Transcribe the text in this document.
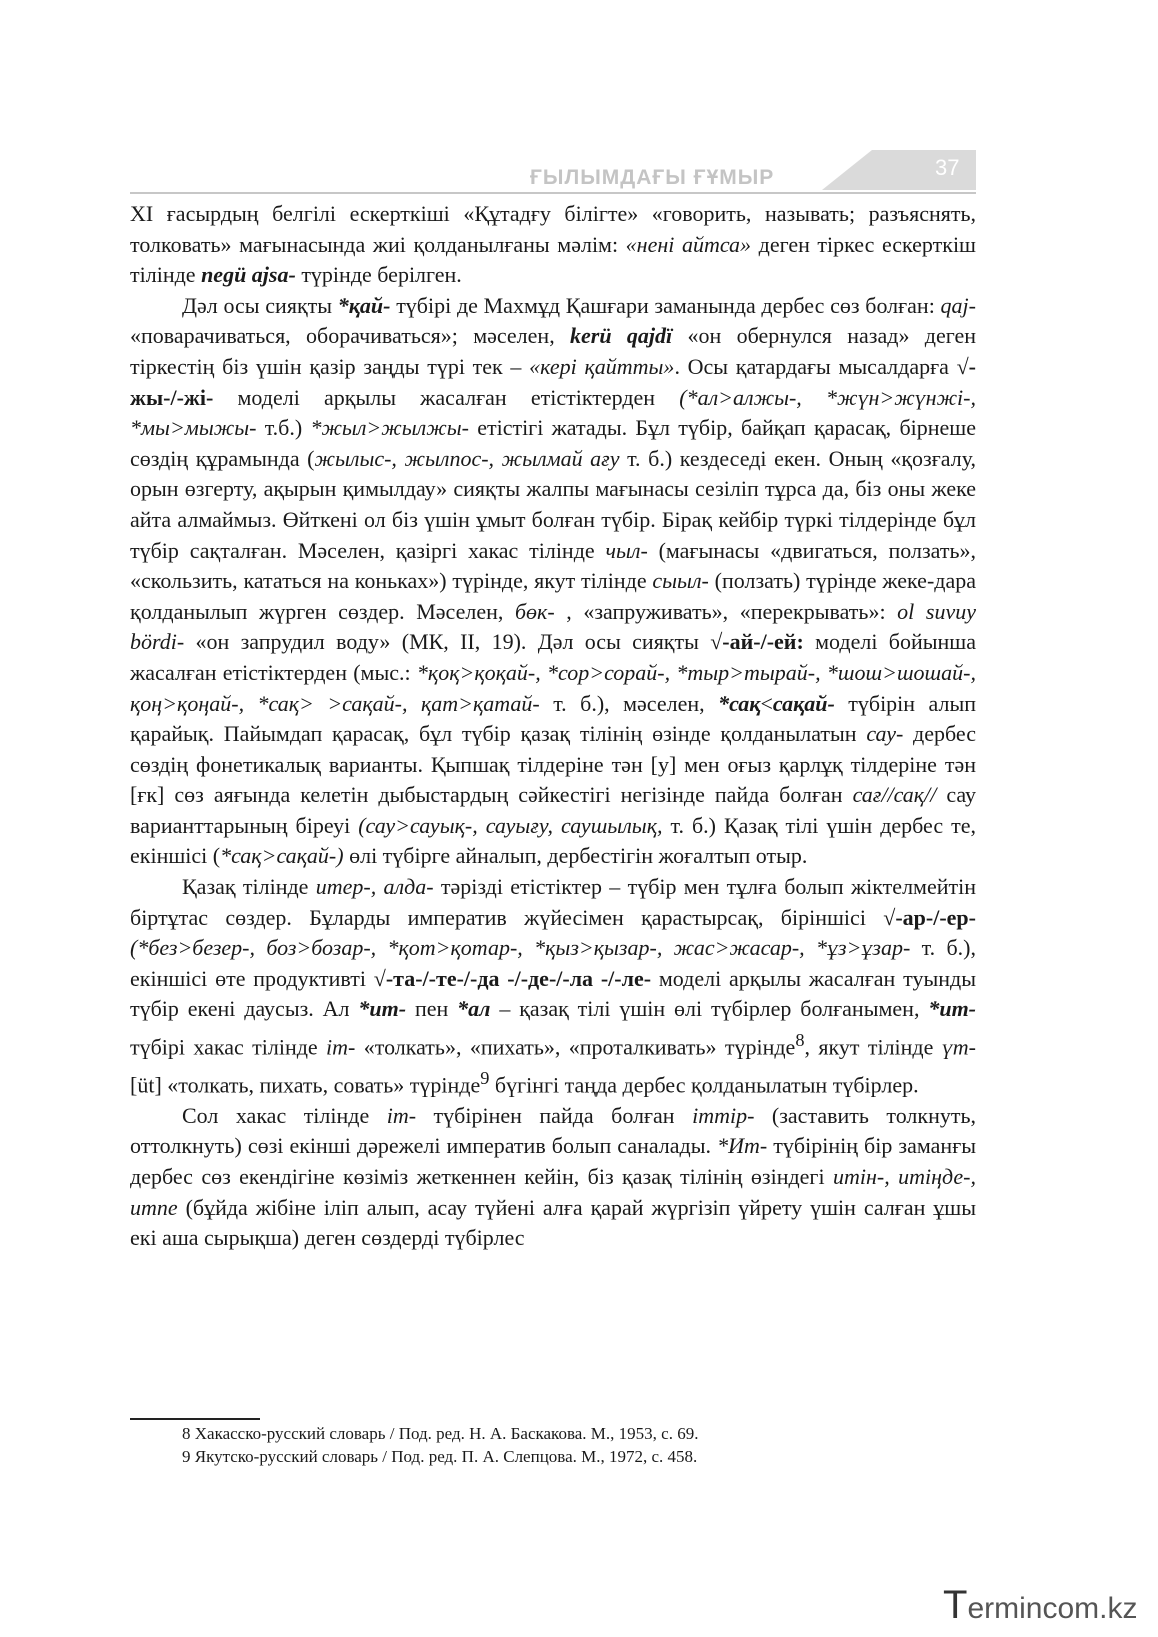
ҒЫЛЫМДАҒЫ ҒҰМЫР	37

XI ғасырдың белгілі ескерткіші «Құтадғу білігте» «говорить, называть; разъяснять, толковать» мағынасында жиі қолданылғаны мәлім: «нені айтса» деген тіркес ескерткіш тілінде negü ajsa- түрінде берілген.

Дәл осы сияқты *қай- түбірі де Махмұд Қашғари заманында дербес сөз болған: qaj- «поварачиваться, оборачиваться»; мәселен, kerü qajdї «он обернулся назад» деген тіркестің біз үшін қазір заңды түрі тек – «кері қайтты». Осы қатардағы мысалдарға √-жы-/-жі- моделі арқылы жасалған етістіктерден (*ал>алжы-, *жүн>жүнжі-, *мы>мыжы- т.б.) *жыл>жылжы- етістігі жатады. Бұл түбір, байқап қарасақ, бірнеше сөздің құрамында (жылыс-, жылпос-, жылмай ағу т. б.) кездеседі екен. Оның «қозғалу, орын өзгерту, ақырын қимылдау» сияқты жалпы мағынасы сезіліп тұрса да, біз оны жеке айта алмаймыз. Өйткені ол біз үшін ұмыт болған түбір. Бірақ кейбір түркі тілдерінде бұл түбір сақталған. Мәселен, қазіргі хакас тілінде чыл- (мағынасы «двигаться, ползать», «скользить, кататься на коньках») түрінде, якут тілінде сыыл- (ползать) түрінде жеке-дара қолданылып жүрген сөздер. Мәселен, бөк- , «запруживать», «перекрывать»: ol suvuy bördi- «он запрудил воду» (МК, ІІ, 19). Дәл осы сияқты √-ай-/-ей: моделі бойынша жасалған етістіктерден (мыс.: *қоқ>қоқай-, *сор>сорай-, *тыр>тырай-, *шош>шошай-, қоң>қоңай-, *сақ> >сақай-, қат>қатай- т. б.), мәселен, *сақ<сақай- түбірін алып қарайық. Пайымдап қарасақ, бұл түбір қазақ тілінің өзінде қолданылатын сау- дербес сөздің фонетикалық варианты. Қыпшақ тілдеріне тән [у] мен оғыз қарлұқ тілдеріне тән [ғк] сөз аяғында келетін дыбыстардың сәйкестігі негізінде пайда болған сағ//сақ// сау варианттарының біреуі (сау>сауық-, сауығу, саушылық, т. б.) Қазақ тілі үшін дербес те, екіншісі (*сақ>сақай-) өлі түбірге айналып, дербестігін жоғалтып отыр.

Қазақ тілінде итер-, алда- тәрізді етістіктер – түбір мен тұлға болып жіктелмейтін біртұтас сөздер. Бұларды императив жүйесімен қарастырсақ, біріншісі √-ар-/-ер- (*без>безер-, боз>бозар-, *қот>қотар-, *қыз>қызар-, жас>жасар-, *ұз>ұзар- т. б.), екіншісі өте продуктивті √-та-/-те-/-да -/-де-/-ла -/-ле- моделі арқылы жасалған туынды түбір екені даусыз. Ал *ит- пен *ал – қазақ тілі үшін өлі түбірлер болғанымен, *ит- түбірі хакас тілінде іт- «толкать», «пихать», «проталкивать» түрінде$^8$, якут тілінде үт- [üt] «толкать, пихать, совать» түрінде$^9$ бүгінгі таңда дербес қолданылатын түбірлер.

Сол хакас тілінде іт- түбірінен пайда болған іттір- (заставить толкнуть, оттолкнуть) сөзі екінші дәрежелі императив болып саналады. *Ит- түбірінің бір заманғы дербес сөз екендігіне көзіміз жеткеннен кейін, біз қазақ тілінің өзіндегі итін-, итіңде-, итпе (бұйда жібіне іліп алып, асау түйені алға қарай жүргізіп үйрету үшін салған ұшы екі аша сырықша) деген сөздерді түбірлес

8 Хакасско-русский словарь / Под. ред. Н. А. Баскакова. М., 1953, с. 69.
9 Якутско-русский словарь / Под. ред. П. А. Слепцова. М., 1972, с. 458.
Termincom.kz
